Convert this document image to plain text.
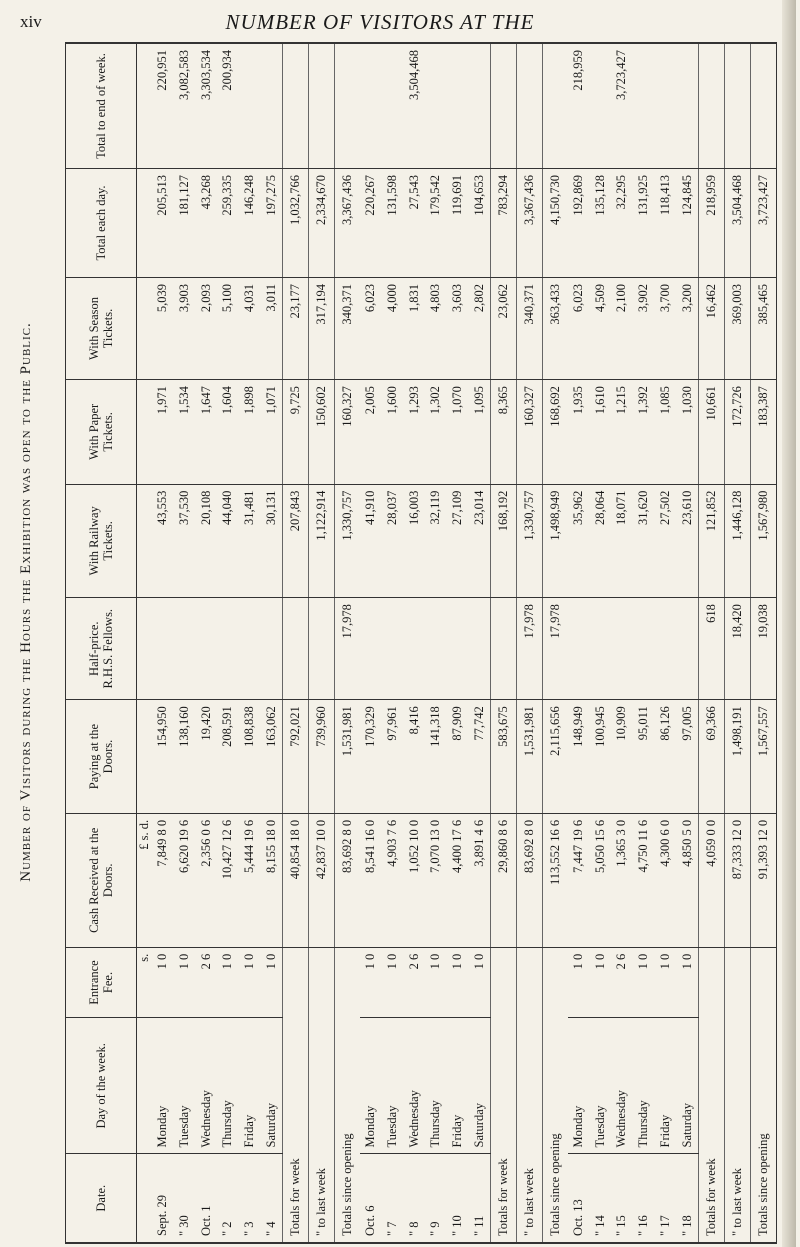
xiv	NUMBER OF VISITORS AT THE
Number of Visitors during the Hours the Exhibition was open to the Public.
Date.	Day of the week.	Entrance Fee.	Cash Received at the Doors.	Paying at the Doors.	Half-price. R.H.S. Fellows.	With Railway Tickets.	With Paper Tickets.	With Season Tickets.	Total each day.	Total to end of week.
		s.	£ s. d.							
Sept. 29	Monday	1 0	7,849 8 0	154,950		43,553	1,971	5,039	205,513	220,951
" 30	Tuesday	1 0	6,620 19 6	138,160		37,530	1,534	3,903	181,127	3,082,583
Oct. 1	Wednesday	2 6	2,356 0 6	19,420		20,108	1,647	2,093	43,268	3,303,534
" 2	Thursday	1 0	10,427 12 6	208,591		44,040	1,604	5,100	259,335	200,934
" 3	Friday	1 0	5,444 19 6	108,838		31,481	1,898	4,031	146,248	
" 4	Saturday	1 0	8,155 18 0	163,062		30,131	1,071	3,011	197,275	
Totals for week			40,854 18 0	792,021		207,843	9,725	23,177	1,032,766	
" to last week			42,837 10 0	739,960		1,122,914	150,602	317,194	2,334,670	
Totals since opening			83,692 8 0	1,531,981	17,978	1,330,757	160,327	340,371	3,367,436	
Oct. 6	Monday	1 0	8,541 16 0	170,329		41,910	2,005	6,023	220,267	
" 7	Tuesday	1 0	4,903 7 6	97,961		28,037	1,600	4,000	131,598	
" 8	Wednesday	2 6	1,052 10 0	8,416		16,003	1,293	1,831	27,543	3,504,468
" 9	Thursday	1 0	7,070 13 0	141,318		32,119	1,302	4,803	179,542	
" 10	Friday	1 0	4,400 17 6	87,909		27,109	1,070	3,603	119,691	
" 11	Saturday	1 0	3,891 4 6	77,742		23,014	1,095	2,802	104,653	
Totals for week			29,860 8 6	583,675		168,192	8,365	23,062	783,294	
" to last week			83,692 8 0	1,531,981	17,978	1,330,757	160,327	340,371	3,367,436	
Totals since opening			113,552 16 6	2,115,656	17,978	1,498,949	168,692	363,433	4,150,730	
Oct. 13	Monday	1 0	7,447 19 6	148,949		35,962	1,935	6,023	192,869	218,959
" 14	Tuesday	1 0	5,050 15 6	100,945		28,064	1,610	4,509	135,128	
" 15	Wednesday	2 6	1,365 3 0	10,909		18,071	1,215	2,100	32,295	3,723,427
" 16	Thursday	1 0	4,750 11 6	95,011		31,620	1,392	3,902	131,925	
" 17	Friday	1 0	4,300 6 0	86,126		27,502	1,085	3,700	118,413	
" 18	Saturday	1 0	4,850 5 0	97,005		23,610	1,030	3,200	124,845	
Totals for week			4,059 0 0	69,366	618	121,852	10,661	16,462	218,959	
" to last week			87,333 12 0	1,498,191	18,420	1,446,128	172,726	369,003	3,504,468	
Totals since opening			91,393 12 0	1,567,557	19,038	1,567,980	183,387	385,465	3,723,427	
